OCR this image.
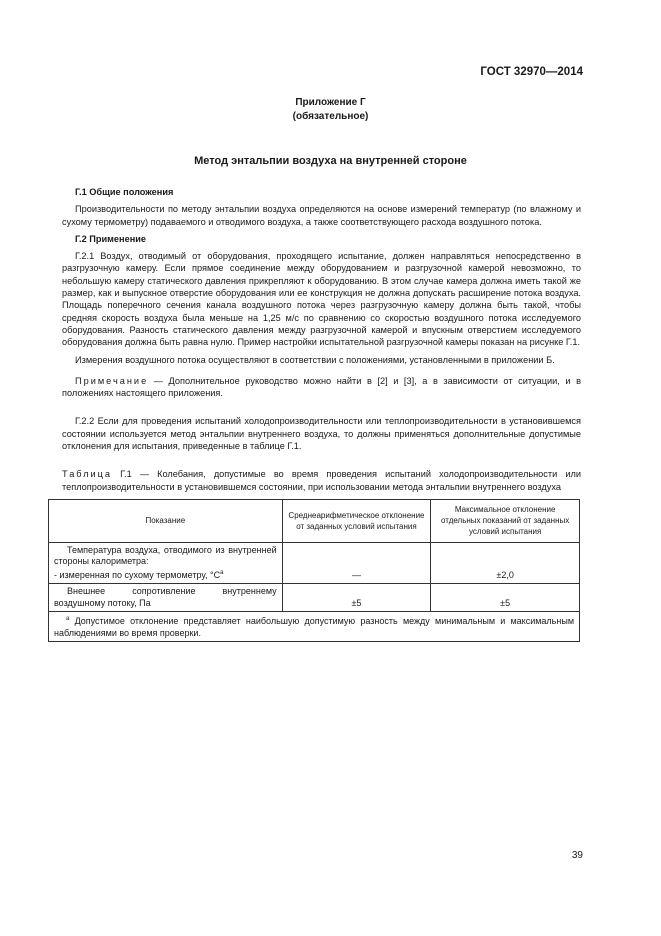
ГОСТ 32970—2014
Приложение Г
(обязательное)
Метод энтальпии воздуха на внутренней стороне

Г.1 Общие положения

Производительности по методу энтальпии воздуха определяются на основе измерений температур (по влажному и сухому термометру) подаваемого и отводимого воздуха, а также соответствующего расхода воздушного потока.

Г.2 Применение

Г.2.1 Воздух, отводимый от оборудования, проходящего испытание, должен направляться непосредственно в разгрузочную камеру. Если прямое соединение между оборудованием и разгрузочной камерой невозможно, то небольшую камеру статического давления прикрепляют к оборудованию. В этом случае камера должна иметь такой же размер, как и выпускное отверстие оборудования или ее конструкция не должна допускать расширение потока воздуха. Площадь поперечного сечения канала воздушного потока через разгрузочную камеру должна быть такой, чтобы средняя скорость воздуха была меньше на 1,25 м/с по сравнению со скоростью воздушного потока исследуемого оборудования. Разность статического давления между разгрузочной камерой и впускным отверстием исследуемого оборудования должна быть равна нулю. Пример настройки испытательной разгрузочной камеры показан на рисунке Г.1.

Измерения воздушного потока осуществляют в соответствии с положениями, установленными в приложении Б.

Примечание — Дополнительное руководство можно найти в [2] и [3], а в зависимости от ситуации, и в положениях настоящего приложения.

Г.2.2 Если для проведения испытаний холодопроизводительности или теплопроизводительности в установившемся состоянии используется метод энтальпии внутреннего воздуха, то должны применяться дополнительные допустимые отклонения для испытания, приведенные в таблице Г.1.

Таблица Г.1 — Колебания, допустимые во время проведения испытаний холодопроизводительности или теплопроизводительности в установившемся состоянии, при использовании метода энтальпии внутреннего воздуха

Показание	Среднеарифметическое отклонение от заданных условий испытания	Максимальное отклонение отдельных показаний от заданных условий испытания

Температура воздуха, отводимого из внутренней стороны калориметра:
- измеренная по сухому термометру, $^\circ C^a$	—	±2,0

Внешнее сопротивление внутреннему воздушному потоку, Па	±5	±5
$^a$ Допустимое отклонение представляет наибольшую допустимую разность между минимальным и максимальным наблюдениями во время проверки.		
39
